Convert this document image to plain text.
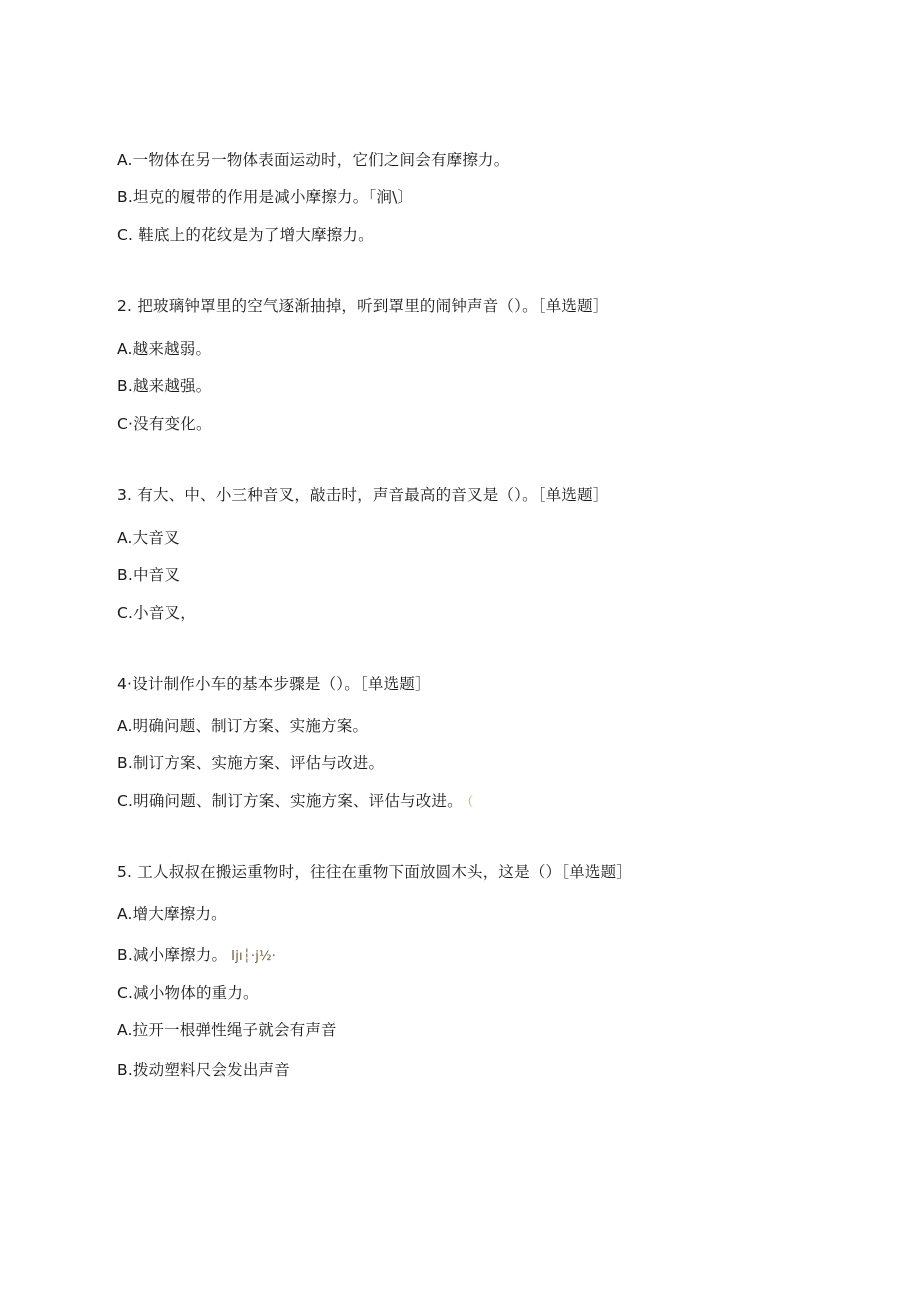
A.一物体在另一物体表面运动时，它们之间会有摩擦力。
B.坦克的履带的作用是减小摩擦力。「涧\〕
C. 鞋底上的花纹是为了增大摩擦力。
2. 把玻璃钟罩里的空气逐渐抽掉，听到罩里的闹钟声音（）。［单选题］
A.越来越弱。
B.越来越强。
C·没有变化。
3. 有大、中、小三种音叉，敲击时，声音最高的音叉是（）。［单选题］
A.大音叉
B.中音叉
C.小音叉，
4·设计制作小车的基本步骤是（）。［单选题］
A.明确问题、制订方案、实施方案。
B.制订方案、实施方案、评估与改进。
C.明确问题、制订方案、实施方案、评估与改进。 （
5. 工人叔叔在搬运重物时，往往在重物下面放圆木头，这是（）［单选题］
A.增大摩擦力。
B.减小摩擦力。 Ijı┆·j½·
C.减小物体的重力。
A.拉开一根弹性绳子就会有声音
B.拨动塑料尺会发出声音
